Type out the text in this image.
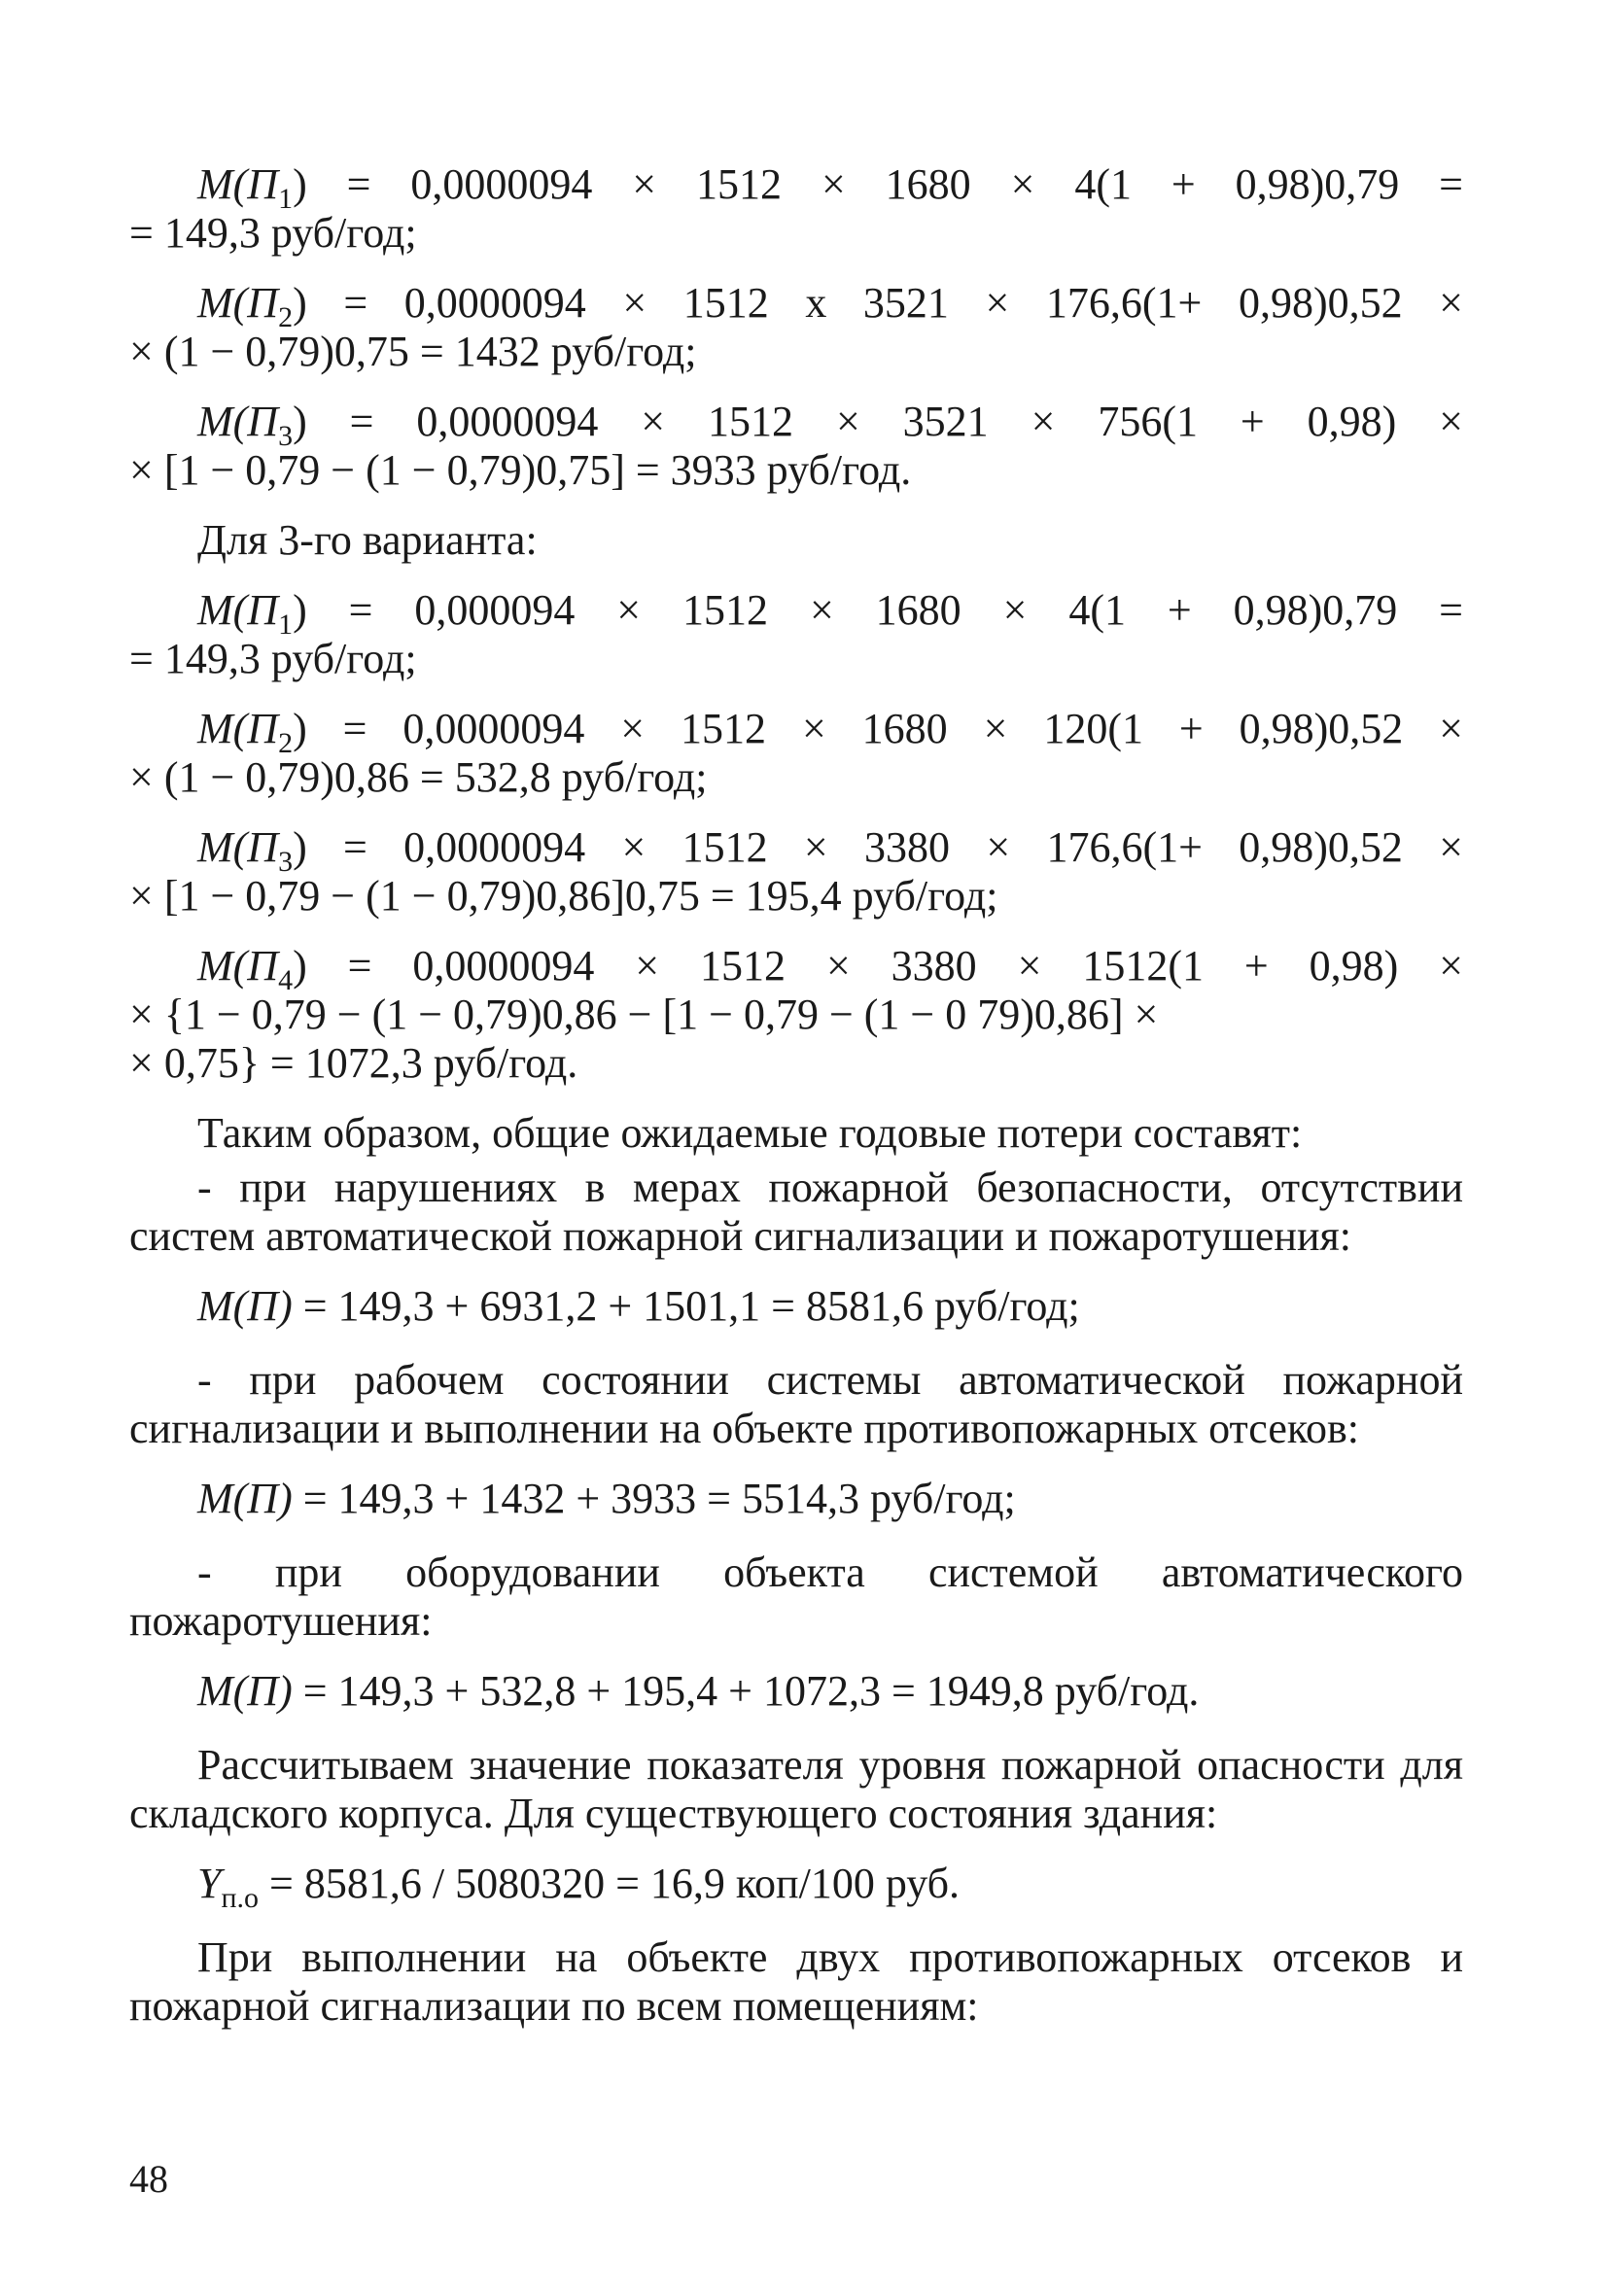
$M(П_1) = 0,0000094 \times 1512 \times 1680 \times 4(1 + 0,98)0,79$ =
= 149,3 руб/год;
$M(П_2) = 0,0000094 \times 1512$ x 3521 × 176,6(1+ 0,98)0,52 ×
× (1 − 0,79)0,75 = 1432 руб/год;
$M(П_3) = 0,0000094 \times 1512 \times 3521 \times 756(1 + 0,98)$ ×
× [1 − 0,79 − (1 − 0,79)0,75] = 3933 руб/год.

Для 3-го варианта:

$M(П_1) = 0,000094 \times 1512 \times 1680 \times 4(1 + 0,98)0,79$ =
= 149,3 руб/год;
$M(П_2) = 0,0000094 \times 1512 \times 1680 \times 120(1 + 0,98)0,52$ ×
× (1 − 0,79)0,86 = 532,8 руб/год;
$M(П_3) = 0,0000094 \times 1512 \times 3380 \times 176,6(1+ 0,98)0,52$ ×
× [1 − 0,79 − (1 − 0,79)0,86]0,75 = 195,4 руб/год;
$M(П_4) = 0,0000094 \times 1512 \times 3380 \times 1512(1 + 0,98)$ ×
× {1 − 0,79 − (1 − 0,79)0,86 − [1 − 0,79 − (1 − 0 79)0,86] ×
× 0,75} = 1072,3 руб/год.

Таким образом, общие ожидаемые годовые потери составят:

- при нарушениях в мерах пожарной безопасности, отсутствии систем автоматической пожарной сигнализации и пожаротушения:

M(П) = 149,3 + 6931,2 + 1501,1 = 8581,6 руб/год;

- при рабочем состоянии системы автоматической пожарной сигнализации и выполнении на объекте противопожарных отсеков:

M(П) = 149,3 + 1432 + 3933 = 5514,3 руб/год;

- при оборудовании объекта системой автоматического пожаротушения:

M(П) = 149,3 + 532,8 + 195,4 + 1072,3 = 1949,8 руб/год.

Рассчитываем значение показателя уровня пожарной опасности для складского корпуса. Для существующего состояния здания:

$Y_{п.о} = 8581,6 / 5080320 = 16,9$ коп/100 руб.

При выполнении на объекте двух противопожарных отсеков и пожарной сигнализации по всем помещениям:

48
